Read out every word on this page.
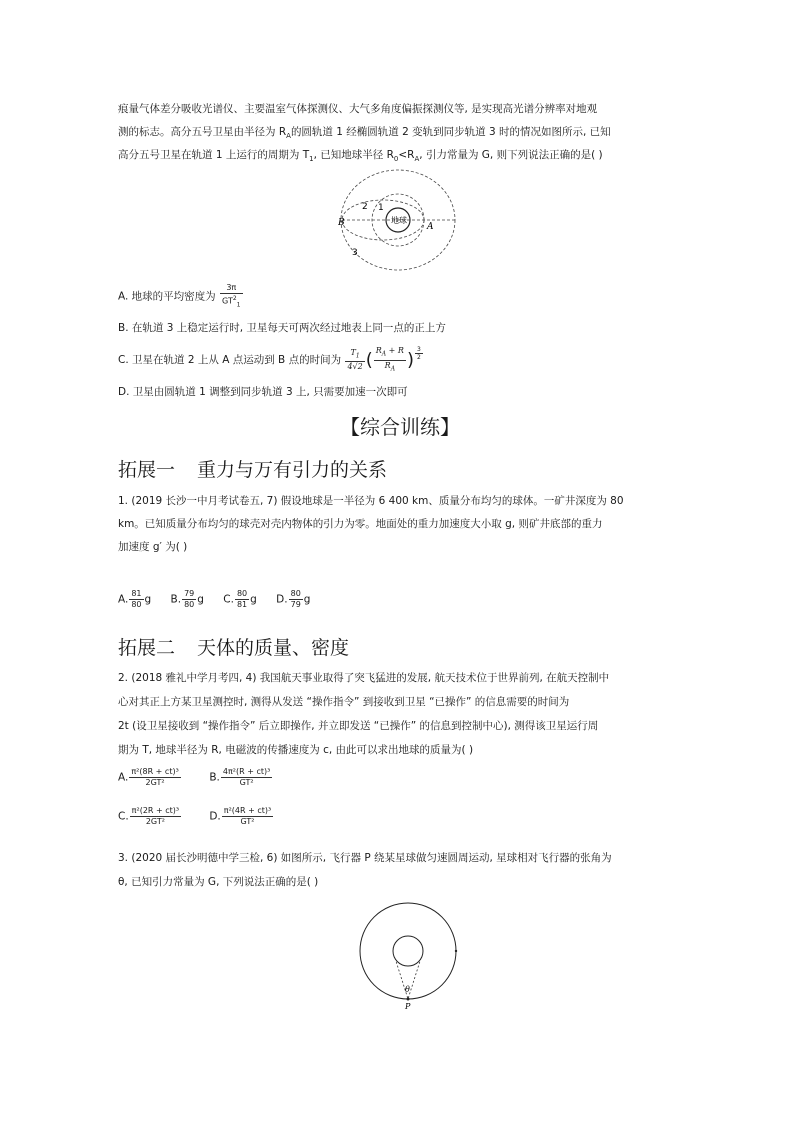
痕量气体差分吸收光谱仪、主要温室气体探测仪、大气多角度偏振探测仪等, 是实现高光谱分辨率对地观
测的标志。高分五号卫星由半径为 $R_A$的圆轨道 1 经椭圆轨道 2 变轨到同步轨道 3 时的情况如图所示, 已知
高分五号卫星在轨道 1 上运行的周期为 $T_1$, 已知地球半径 $R_0<R_A$, 引力常量为 G, 则下列说法正确的是( )
地球
B	A
1
2
3
A. 地球的平均密度为 $\frac{3\pi}{GT^2_1}$
B. 在轨道 3 上稳定运行时, 卫星每天可两次经过地表上同一点的正上方
C. 卫星在轨道 2 上从 A 点运动到 B 点的时间为 $\frac{T_1}{4√2}$ ( $\frac{R_A + R}{R_A}$ ) $\frac{3}{2}$
D. 卫星由圆轨道 1 调整到同步轨道 3 上, 只需要加速一次即可
【综合训练】
拓展一 重力与万有引力的关系
1. (2019 长沙一中月考试卷五, 7) 假设地球是一半径为 6 400 km、质量分布均匀的球体。一矿井深度为 80
km。已知质量分布均匀的球壳对壳内物体的引力为零。地面处的重力加速度大小取 g, 则矿井底部的重力
加速度 g′ 为( )
A. $\frac{81}{80}$ g B. $\frac{79}{80}$ g C. $\frac{80}{81}$ g D. $\frac{80}{79}$ g
拓展二 天体的质量、密度
2. (2018 雅礼中学月考四, 4) 我国航天事业取得了突飞猛进的发展, 航天技术位于世界前列, 在航天控制中
心对其正上方某卫星测控时, 测得从发送 “操作指令” 到接收到卫星 “已操作” 的信息需要的时间为
2t (设卫星接收到 “操作指令” 后立即操作, 并立即发送 “已操作” 的信息到控制中心), 测得该卫星运行周
期为 T, 地球半径为 R, 电磁波的传播速度为 c, 由此可以求出地球的质量为( )
A. $\frac{\text{π²(8R + ct)³}}{\text{2GT²}}$	B. $\frac{\text{4π²(R + ct)³}}{\text{GT²}}$
C. $\frac{\text{π²(2R + ct)³}}{\text{2GT²}}$	D. $\frac{\text{π²(4R + ct)³}}{\text{GT²}}$
3. (2020 届长沙明德中学三检, 6) 如图所示, 飞行器 P 绕某星球做匀速圆周运动, 星球相对飞行器的张角为
θ, 已知引力常量为 G, 下列说法正确的是( )
θ
P
